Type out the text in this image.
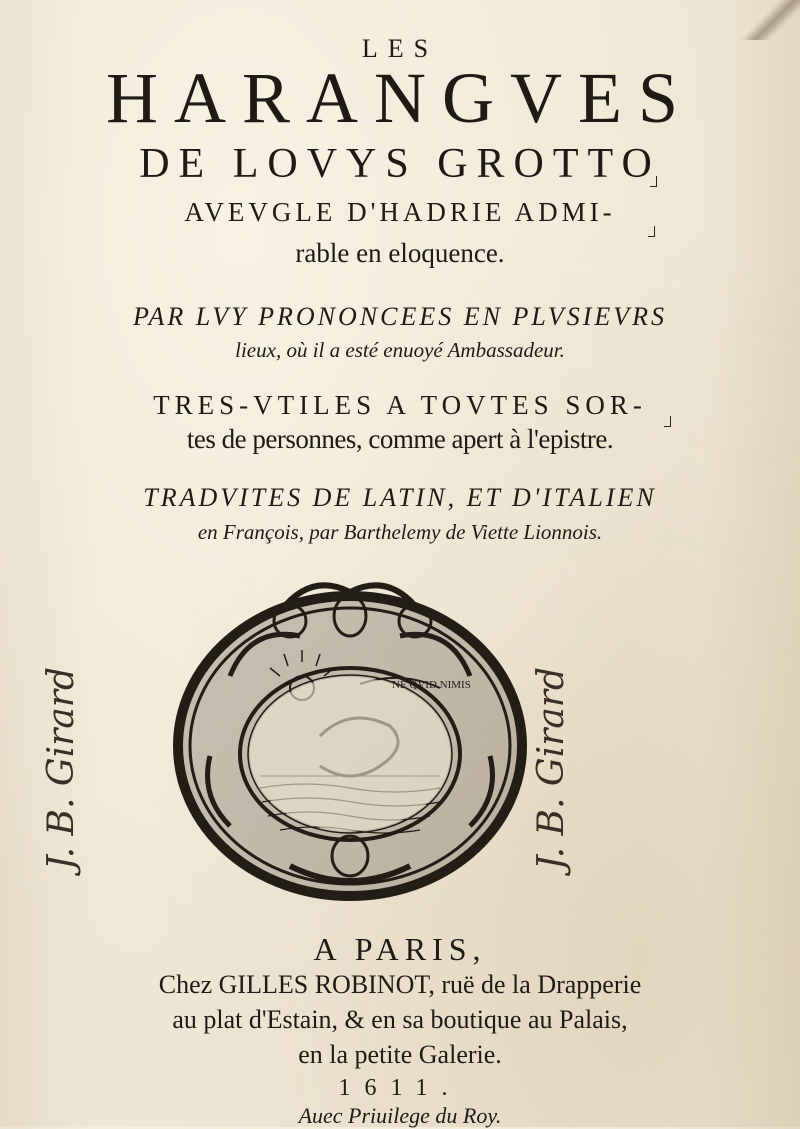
LES
HARANGVES
DE LOVYS GROTTO
AVEVGLE D'HADRIE ADMI-
rable en eloquence.
PAR LVY PRONONCEES EN PLVSIEVRS
lieux, où il a esté enuoyé Ambassadeur.
TRES-VTILES A TOVTES SOR-
tes de personnes, comme apert à l'epistre.
TRADVITES DE LATIN, ET D'ITALIEN
en François, par Barthelemy de Viette Lionnois.
NE QVID NIMIS
J. B. Girard	J. B. Girard
A PARIS,
Chez GILLES ROBINOT, ruë de la Drapperie
au plat d'Estain, & en sa boutique au Palais,
en la petite Galerie.
1611.
Auec Priuilege du Roy.
